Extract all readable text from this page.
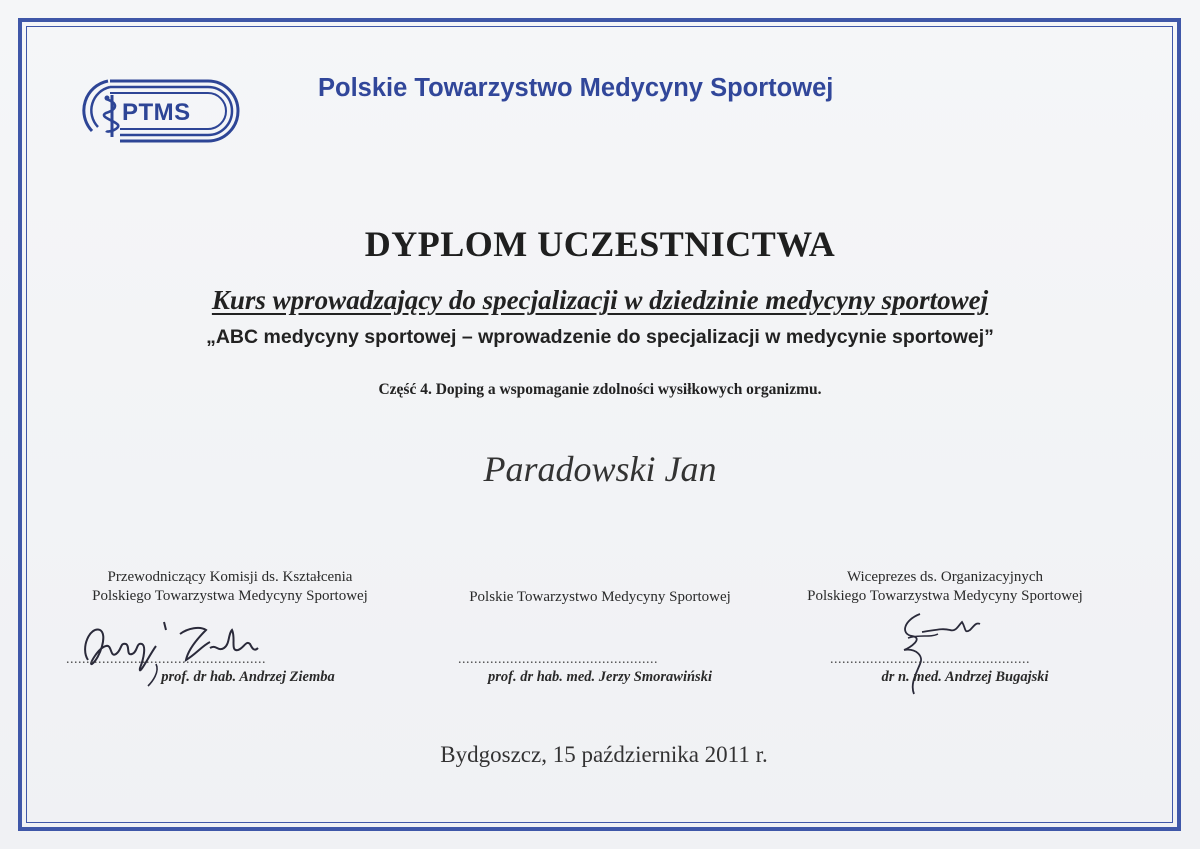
PTMS
Polskie Towarzystwo Medycyny Sportowej
DYPLOM UCZESTNICTWA
Kurs wprowadzający do specjalizacji w dziedzinie medycyny sportowej
„ABC medycyny sportowej – wprowadzenie do specjalizacji w medycynie sportowej”
Część 4. Doping a wspomaganie zdolności wysiłkowych organizmu.
Paradowski Jan
Przewodniczący Komisji ds. Kształcenia
Polskiego Towarzystwa Medycyny Sportowej
..................................................
prof. dr hab. Andrzej Ziemba
Polskie Towarzystwo Medycyny Sportowej
..................................................
prof. dr hab. med. Jerzy Smorawiński
Wiceprezes ds. Organizacyjnych
Polskiego Towarzystwa Medycyny Sportowej
..................................................
dr n. med. Andrzej Bugajski
Bydgoszcz, 15 października 2011 r.
